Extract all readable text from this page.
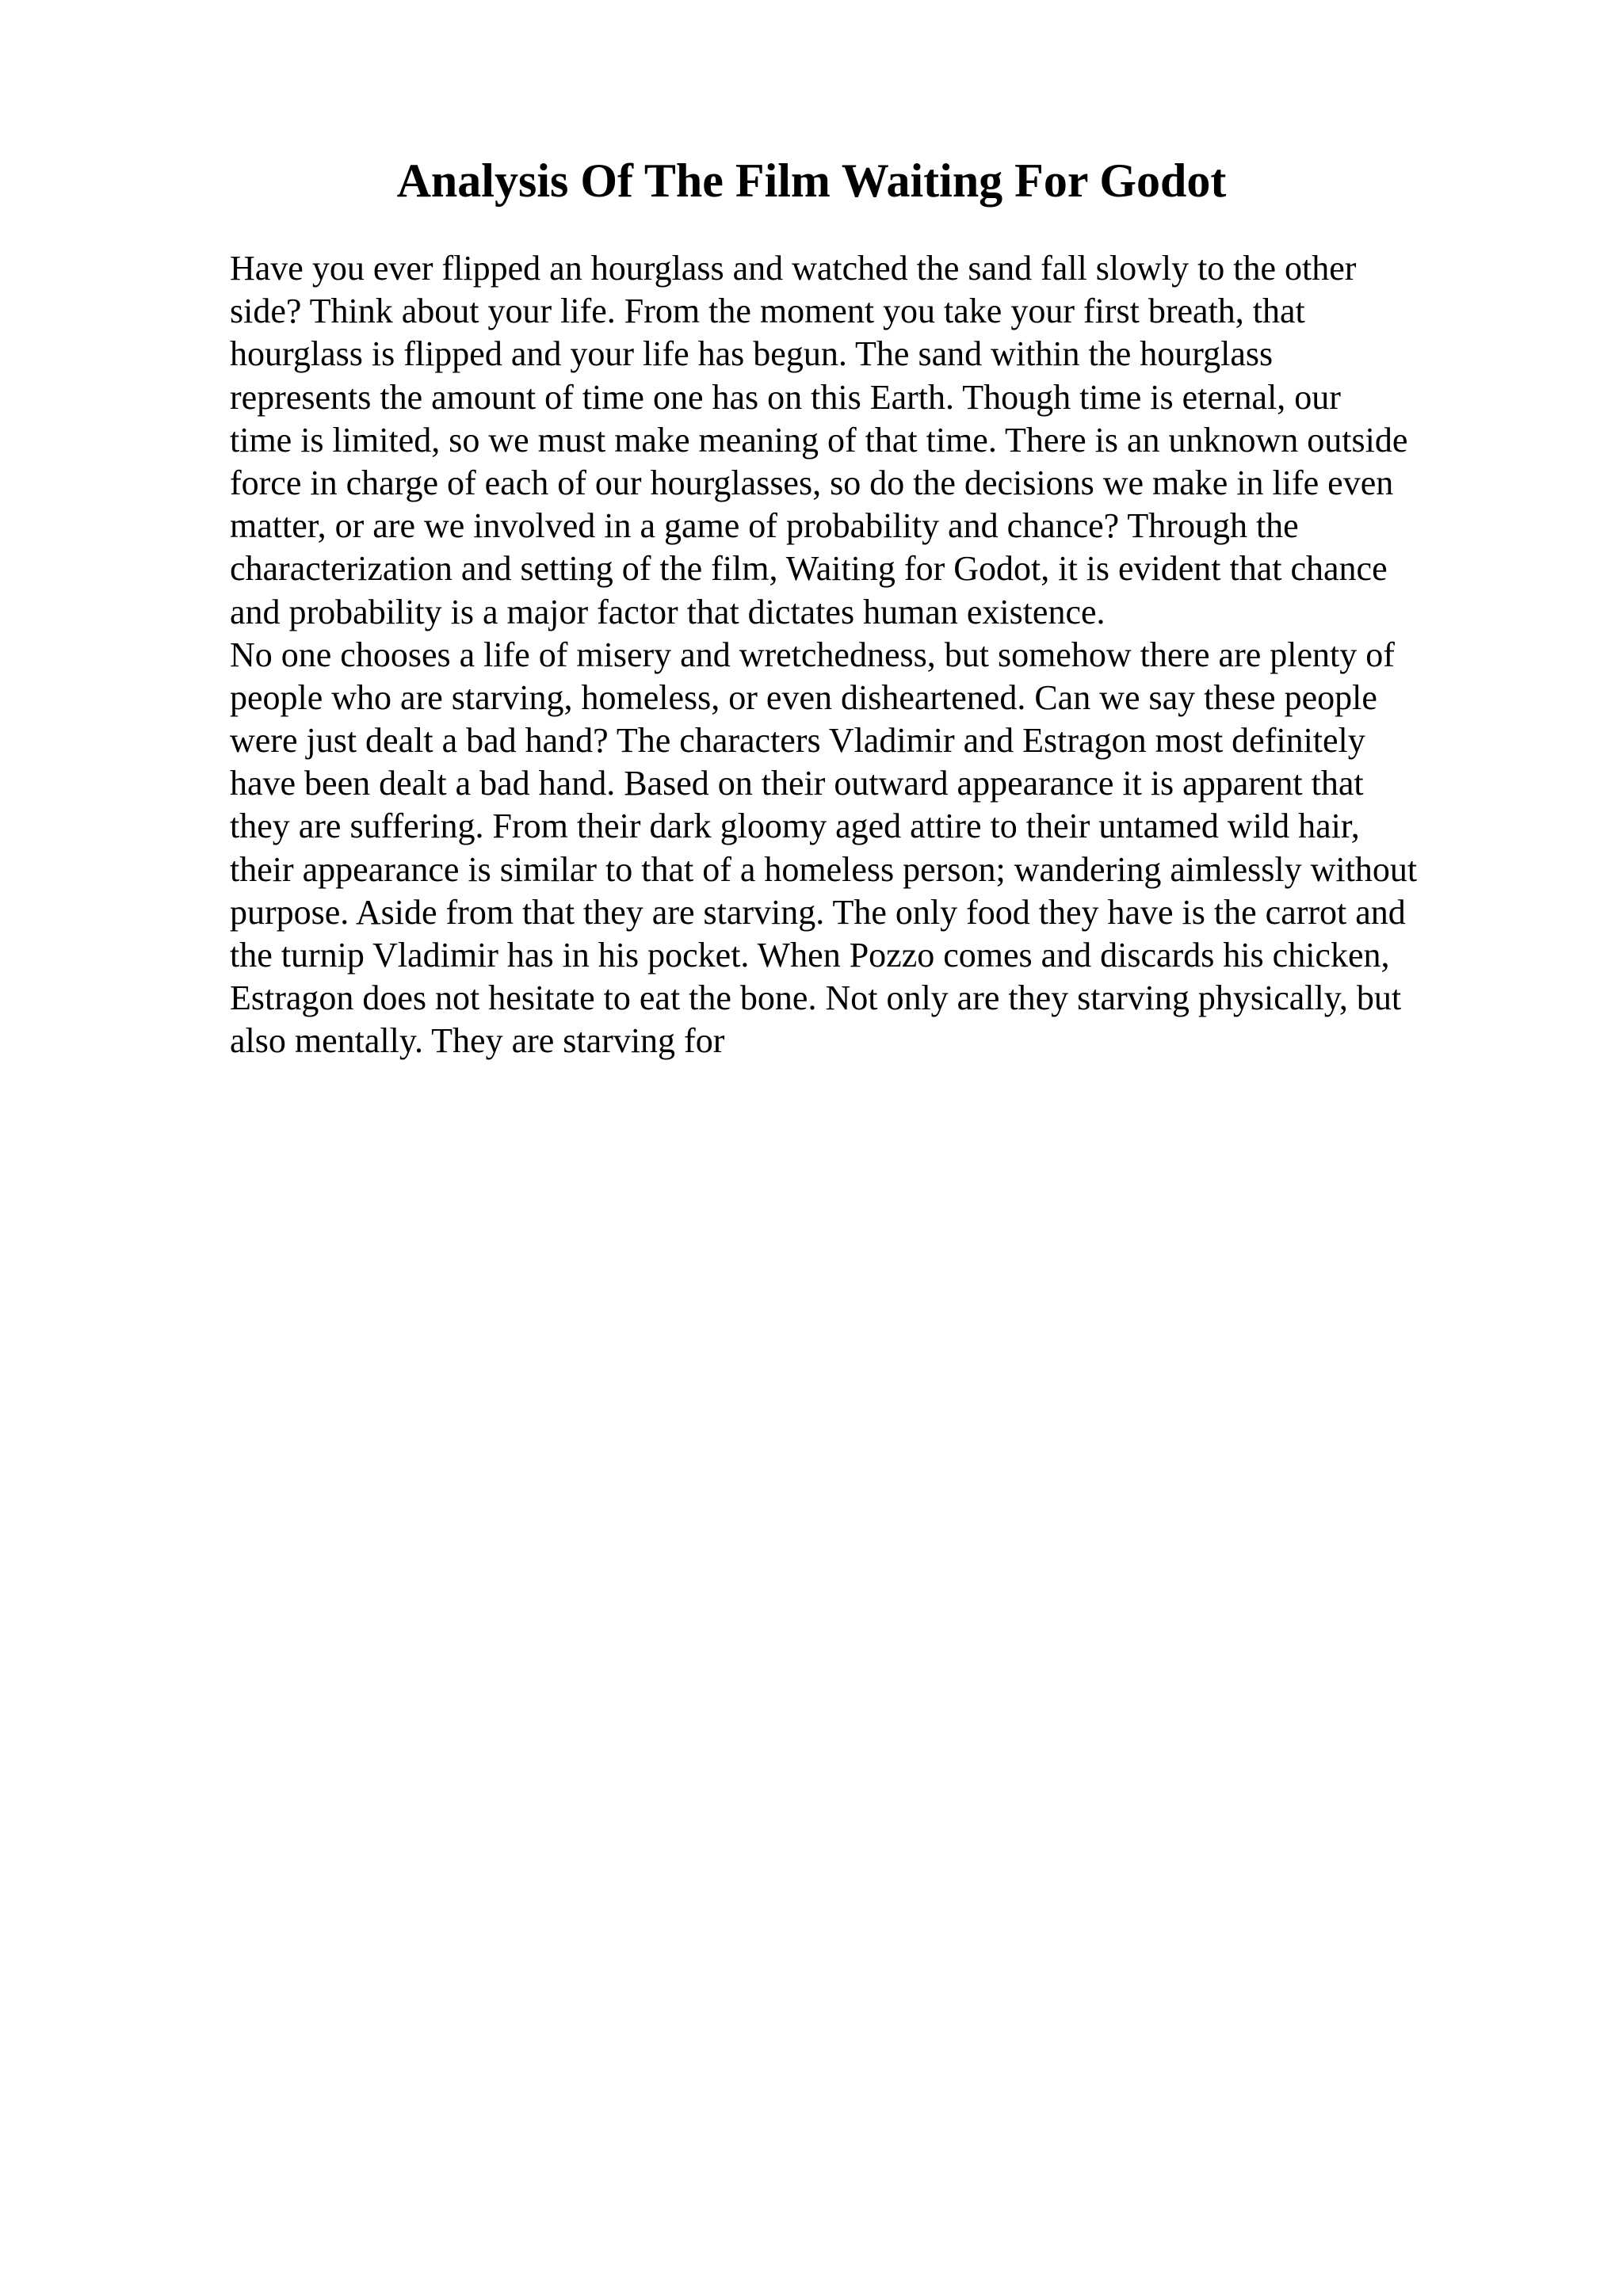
Analysis Of The Film Waiting For Godot
Have you ever flipped an hourglass and watched the sand fall slowly to the other
side? Think about your life. From the moment you take your first breath, that
hourglass is flipped and your life has begun. The sand within the hourglass
represents the amount of time one has on this Earth. Though time is eternal, our
time is limited, so we must make meaning of that time. There is an unknown outside
force in charge of each of our hourglasses, so do the decisions we make in life even
matter, or are we involved in a game of probability and chance? Through the
characterization and setting of the film, Waiting for Godot, it is evident that chance
and probability is a major factor that dictates human existence.
No one chooses a life of misery and wretchedness, but somehow there are plenty of
people who are starving, homeless, or even disheartened. Can we say these people
were just dealt a bad hand? The characters Vladimir and Estragon most definitely
have been dealt a bad hand. Based on their outward appearance it is apparent that
they are suffering. From their dark gloomy aged attire to their untamed wild hair,
their appearance is similar to that of a homeless person; wandering aimlessly without
purpose. Aside from that they are starving. The only food they have is the carrot and
the turnip Vladimir has in his pocket. When Pozzo comes and discards his chicken,
Estragon does not hesitate to eat the bone. Not only are they starving physically, but
also mentally. They are starving for
